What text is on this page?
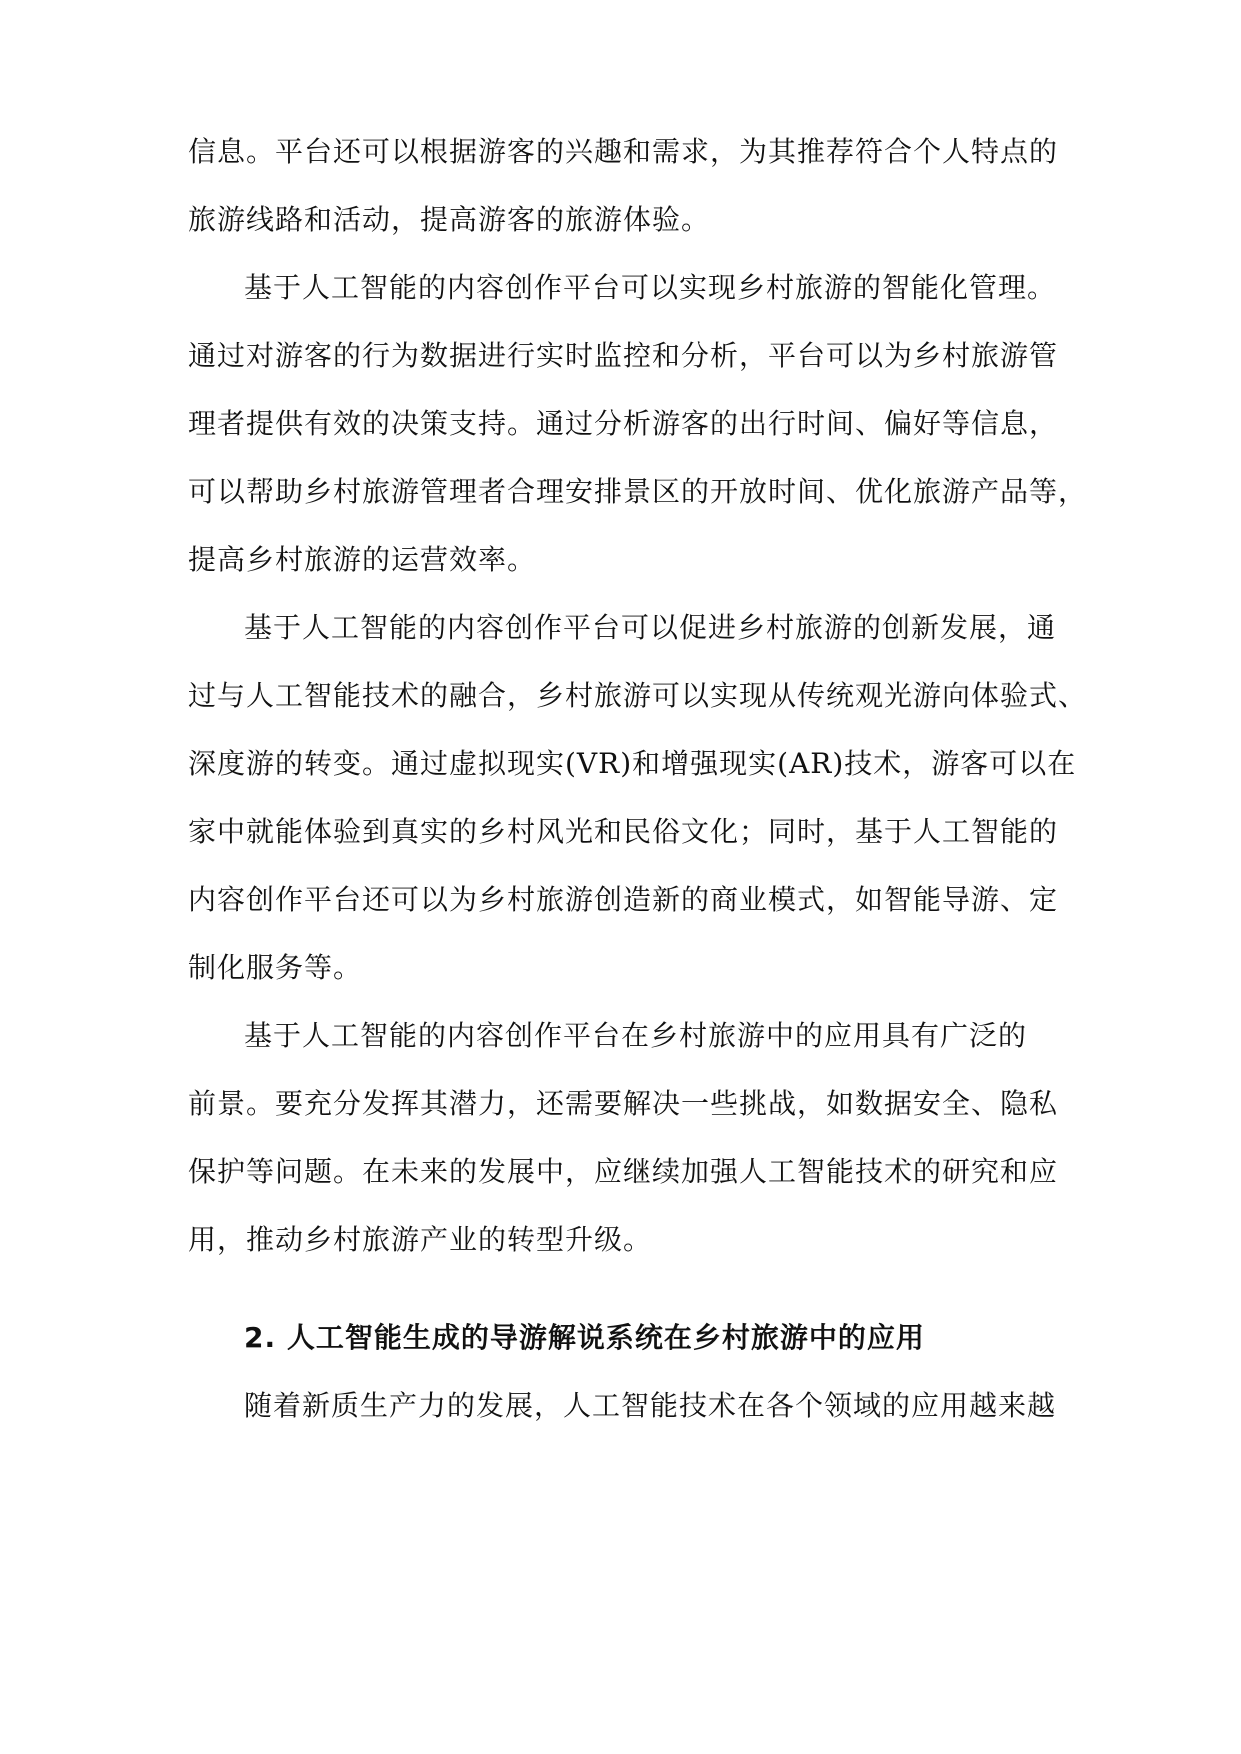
信息。平台还可以根据游客的兴趣和需求，为其推荐符合个人特点的
旅游线路和活动，提高游客的旅游体验。
基于人工智能的内容创作平台可以实现乡村旅游的智能化管理。
通过对游客的行为数据进行实时监控和分析，平台可以为乡村旅游管
理者提供有效的决策支持。通过分析游客的出行时间、偏好等信息，
可以帮助乡村旅游管理者合理安排景区的开放时间、优化旅游产品等，
提高乡村旅游的运营效率。
基于人工智能的内容创作平台可以促进乡村旅游的创新发展，通
过与人工智能技术的融合，乡村旅游可以实现从传统观光游向体验式、
深度游的转变。通过虚拟现实(VR)和增强现实(AR)技术，游客可以在
家中就能体验到真实的乡村风光和民俗文化；同时，基于人工智能的
内容创作平台还可以为乡村旅游创造新的商业模式，如智能导游、定
制化服务等。
基于人工智能的内容创作平台在乡村旅游中的应用具有广泛的
前景。要充分发挥其潜力，还需要解决一些挑战，如数据安全、隐私
保护等问题。在未来的发展中，应继续加强人工智能技术的研究和应
用，推动乡村旅游产业的转型升级。
2. 人工智能生成的导游解说系统在乡村旅游中的应用
随着新质生产力的发展，人工智能技术在各个领域的应用越来越
